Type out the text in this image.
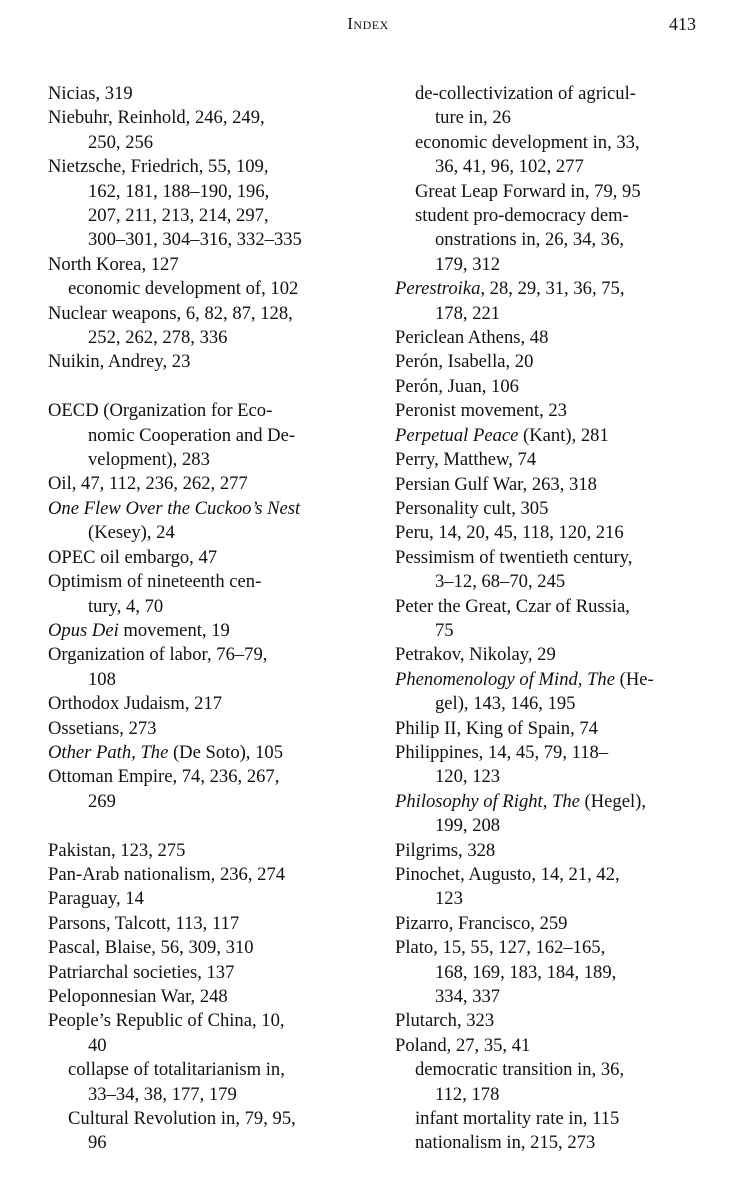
Index	413
Nicias, 319
Niebuhr, Reinhold, 246, 249,
250, 256
Nietzsche, Friedrich, 55, 109,
162, 181, 188–190, 196,
207, 211, 213, 214, 297,
300–301, 304–316, 332–335
North Korea, 127
economic development of, 102
Nuclear weapons, 6, 82, 87, 128,
252, 262, 278, 336
Nuikin, Andrey, 23
OECD (Organization for Eco-
nomic Cooperation and De-
velopment), 283
Oil, 47, 112, 236, 262, 277
One Flew Over the Cuckoo’s Nest
(Kesey), 24
OPEC oil embargo, 47
Optimism of nineteenth cen-
tury, 4, 70
Opus Dei movement, 19
Organization of labor, 76–79,
108
Orthodox Judaism, 217
Ossetians, 273
Other Path, The (De Soto), 105
Ottoman Empire, 74, 236, 267,
269
Pakistan, 123, 275
Pan-Arab nationalism, 236, 274
Paraguay, 14
Parsons, Talcott, 113, 117
Pascal, Blaise, 56, 309, 310
Patriarchal societies, 137
Peloponnesian War, 248
People’s Republic of China, 10,
40
collapse of totalitarianism in,
33–34, 38, 177, 179
Cultural Revolution in, 79, 95,
96
de-collectivization of agricul-
ture in, 26
economic development in, 33,
36, 41, 96, 102, 277
Great Leap Forward in, 79, 95
student pro-democracy dem-
onstrations in, 26, 34, 36,
179, 312
Perestroika, 28, 29, 31, 36, 75,
178, 221
Periclean Athens, 48
Perón, Isabella, 20
Perón, Juan, 106
Peronist movement, 23
Perpetual Peace (Kant), 281
Perry, Matthew, 74
Persian Gulf War, 263, 318
Personality cult, 305
Peru, 14, 20, 45, 118, 120, 216
Pessimism of twentieth century,
3–12, 68–70, 245
Peter the Great, Czar of Russia,
75
Petrakov, Nikolay, 29
Phenomenology of Mind, The (He-
gel), 143, 146, 195
Philip II, King of Spain, 74
Philippines, 14, 45, 79, 118–
120, 123
Philosophy of Right, The (Hegel),
199, 208
Pilgrims, 328
Pinochet, Augusto, 14, 21, 42,
123
Pizarro, Francisco, 259
Plato, 15, 55, 127, 162–165,
168, 169, 183, 184, 189,
334, 337
Plutarch, 323
Poland, 27, 35, 41
democratic transition in, 36,
112, 178
infant mortality rate in, 115
nationalism in, 215, 273
